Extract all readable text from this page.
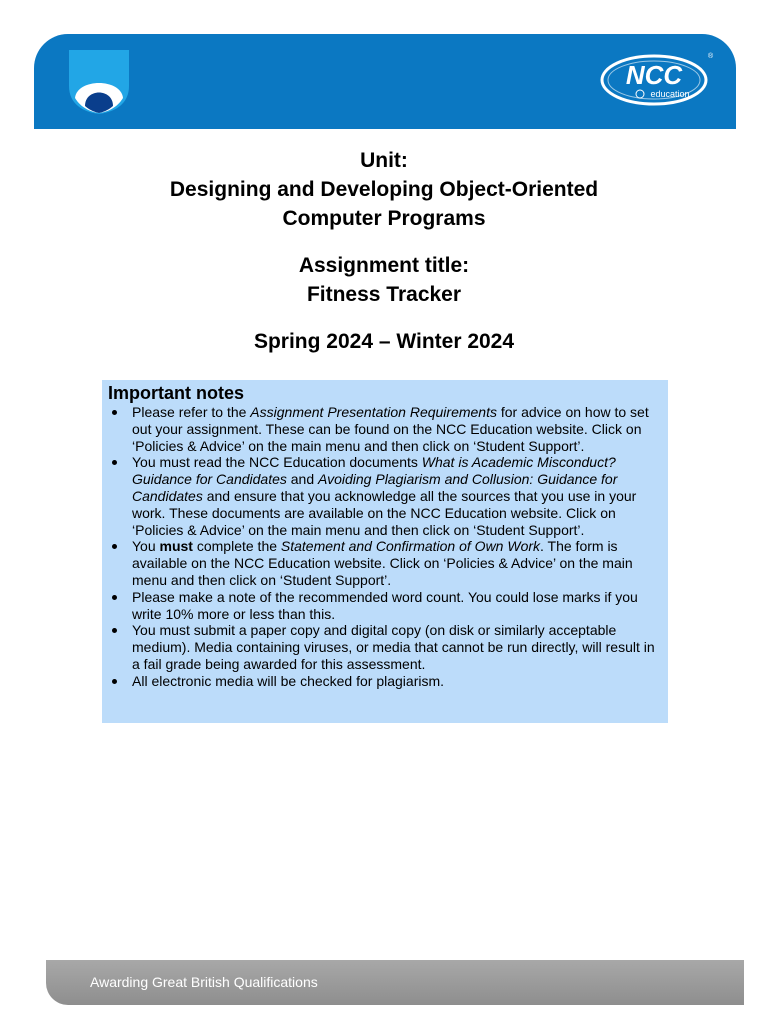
NCC
education
®
Unit:
Designing and Developing Object-Oriented
Computer Programs
Assignment title:
Fitness Tracker
Spring 2024 – Winter 2024
Important notes
Please refer to the Assignment Presentation Requirements for advice on how to set out your assignment. These can be found on the NCC Education website. Click on ‘Policies & Advice’ on the main menu and then click on ‘Student Support’.
You must read the NCC Education documents What is Academic Misconduct? Guidance for Candidates and Avoiding Plagiarism and Collusion: Guidance for Candidates and ensure that you acknowledge all the sources that you use in your work. These documents are available on the NCC Education website. Click on ‘Policies & Advice’ on the main menu and then click on ‘Student Support’.
You must complete the Statement and Confirmation of Own Work. The form is available on the NCC Education website. Click on ‘Policies & Advice’ on the main menu and then click on ‘Student Support’.
Please make a note of the recommended word count. You could lose marks if you write 10% more or less than this.
You must submit a paper copy and digital copy (on disk or similarly acceptable medium). Media containing viruses, or media that cannot be run directly, will result in a fail grade being awarded for this assessment.
All electronic media will be checked for plagiarism.
Awarding Great British Qualifications
